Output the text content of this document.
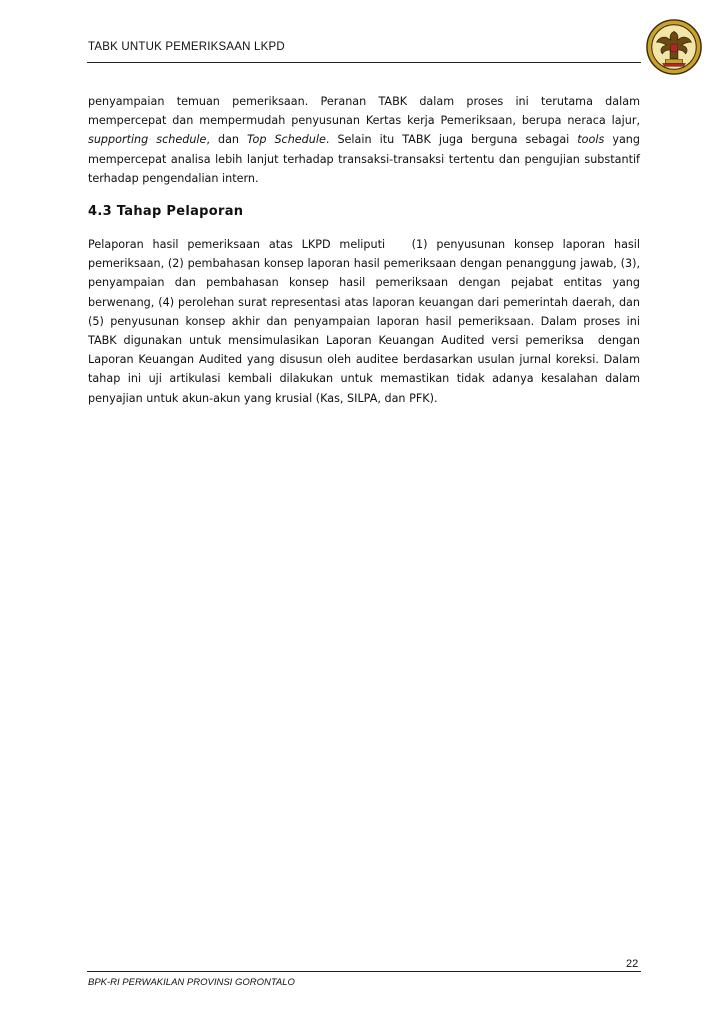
TABK UNTUK PEMERIKSAAN LKPD

penyampaian temuan pemeriksaan. Peranan TABK dalam proses ini terutama dalam mempercepat dan mempermudah penyusunan Kertas kerja Pemeriksaan, berupa neraca lajur, supporting schedule, dan Top Schedule. Selain itu TABK juga berguna sebagai tools yang mempercepat analisa lebih lanjut terhadap transaksi-transaksi tertentu dan pengujian substantif terhadap pengendalian intern.

4.3 Tahap Pelaporan

Pelaporan hasil pemeriksaan atas LKPD meliputi   (1) penyusunan konsep laporan hasil pemeriksaan, (2) pembahasan konsep laporan hasil pemeriksaan dengan penanggung jawab, (3), penyampaian dan pembahasan konsep hasil pemeriksaan dengan pejabat entitas yang berwenang, (4) perolehan surat representasi atas laporan keuangan dari pemerintah daerah, dan (5) penyusunan konsep akhir dan penyampaian laporan hasil pemeriksaan. Dalam proses ini TABK digunakan untuk mensimulasikan Laporan Keuangan Audited versi pemeriksa  dengan Laporan Keuangan Audited yang disusun oleh auditee berdasarkan usulan jurnal koreksi. Dalam tahap ini uji artikulasi kembali dilakukan untuk memastikan tidak adanya kesalahan dalam penyajian untuk akun-akun yang krusial (Kas, SILPA, dan PFK).

22
BPK-RI PERWAKILAN PROVINSI GORONTALO
